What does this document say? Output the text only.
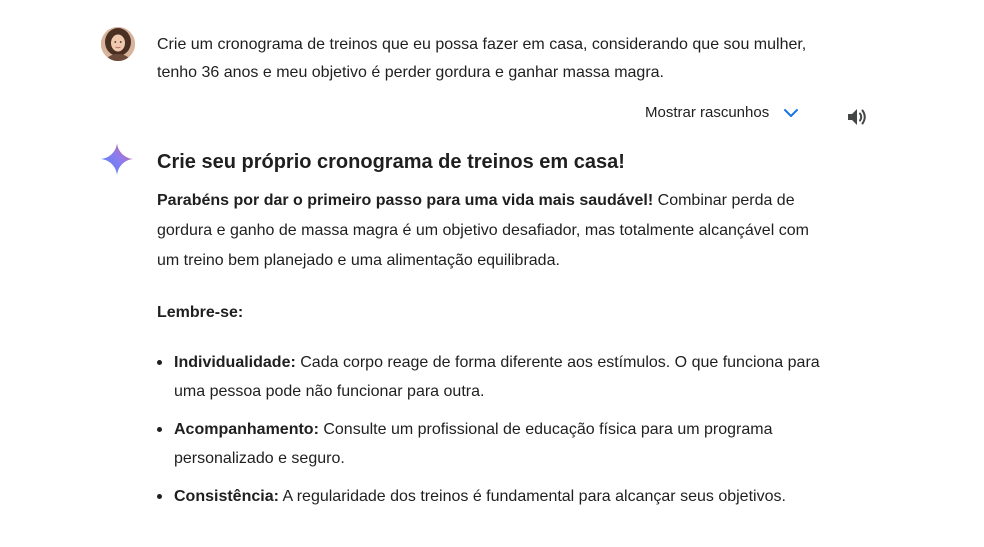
Crie um cronograma de treinos que eu possa fazer em casa, considerando que sou mulher, tenho 36 anos e meu objetivo é perder gordura e ganhar massa magra.

Mostrar rascunhos
Crie seu próprio cronograma de treinos em casa!

Parabéns por dar o primeiro passo para uma vida mais saudável! Combinar perda de gordura e ganho de massa magra é um objetivo desafiador, mas totalmente alcançável com um treino bem planejado e uma alimentação equilibrada.

Lembre-se:

Individualidade: Cada corpo reage de forma diferente aos estímulos. O que funciona para uma pessoa pode não funcionar para outra.
Acompanhamento: Consulte um profissional de educação física para um programa personalizado e seguro.
Consistência: A regularidade dos treinos é fundamental para alcançar seus objetivos.
